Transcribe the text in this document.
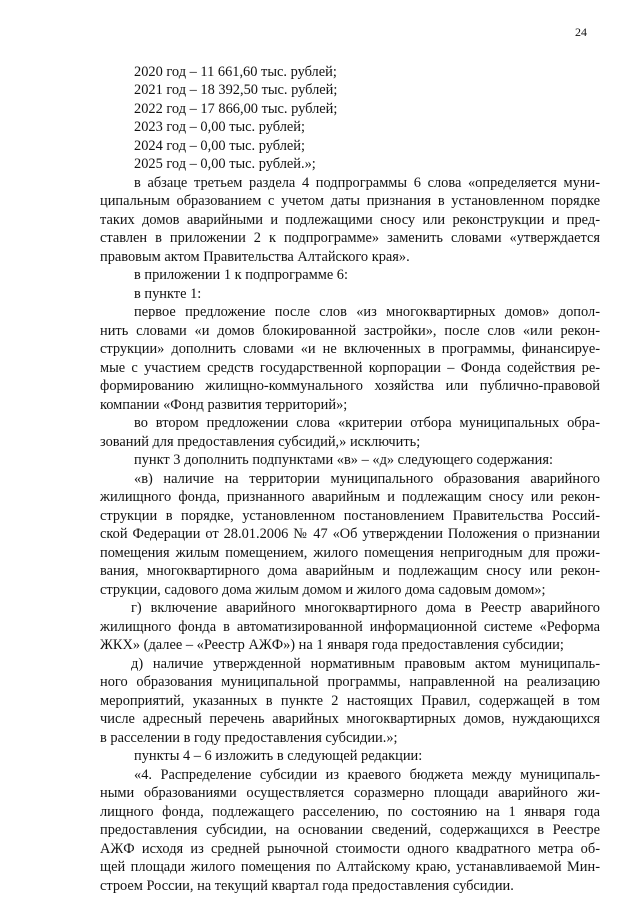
24
2020 год – 11 661,60 тыс. рублей;
2021 год – 18 392,50 тыс. рублей;
2022 год – 17 866,00 тыс. рублей;
2023 год – 0,00 тыс. рублей;
2024 год – 0,00 тыс. рублей;
2025 год – 0,00 тыс. рублей.»;
в абзаце третьем раздела 4 подпрограммы 6 слова «определяется муни-
ципальным образованием с учетом даты признания в установленном порядке
таких домов аварийными и подлежащими сносу или реконструкции и пред-
ставлен в приложении 2 к подпрограмме» заменить словами «утверждается
правовым актом Правительства Алтайского края».
в приложении 1 к подпрограмме 6:
в пункте 1:
первое предложение после слов «из многоквартирных домов» допол-
нить словами «и домов блокированной застройки», после слов «или рекон-
струкции» дополнить словами «и не включенных в программы, финансируе-
мые с участием средств государственной корпорации – Фонда содействия ре-
формированию жилищно-коммунального хозяйства или публично-правовой
компании «Фонд развития территорий»;
во втором предложении слова «критерии отбора муниципальных обра-
зований для предоставления субсидий,» исключить;
пункт 3 дополнить подпунктами «в» – «д» следующего содержания:
«в) наличие на территории муниципального образования аварийного
жилищного фонда, признанного аварийным и подлежащим сносу или рекон-
струкции в порядке, установленном постановлением Правительства Россий-
ской Федерации от 28.01.2006 № 47 «Об утверждении Положения о признании
помещения жилым помещением, жилого помещения непригодным для прожи-
вания, многоквартирного дома аварийным и подлежащим сносу или рекон-
струкции, садового дома жилым домом и жилого дома садовым домом»;
г) включение аварийного многоквартирного дома в Реестр аварийного
жилищного фонда в автоматизированной информационной системе «Реформа
ЖКХ» (далее – «Реестр АЖФ») на 1 января года предоставления субсидии;
д) наличие утвержденной нормативным правовым актом муниципаль-
ного образования муниципальной программы, направленной на реализацию
мероприятий, указанных в пункте 2 настоящих Правил, содержащей в том
числе адресный перечень аварийных многоквартирных домов, нуждающихся
в расселении в году предоставления субсидии.»;
пункты 4 – 6 изложить в следующей редакции:
«4. Распределение субсидии из краевого бюджета между муниципаль-
ными образованиями осуществляется соразмерно площади аварийного жи-
лищного фонда, подлежащего расселению, по состоянию на 1 января года
предоставления субсидии, на основании сведений, содержащихся в Реестре
АЖФ исходя из средней рыночной стоимости одного квадратного метра об-
щей площади жилого помещения по Алтайскому краю, устанавливаемой Мин-
строем России, на текущий квартал года предоставления субсидии.
